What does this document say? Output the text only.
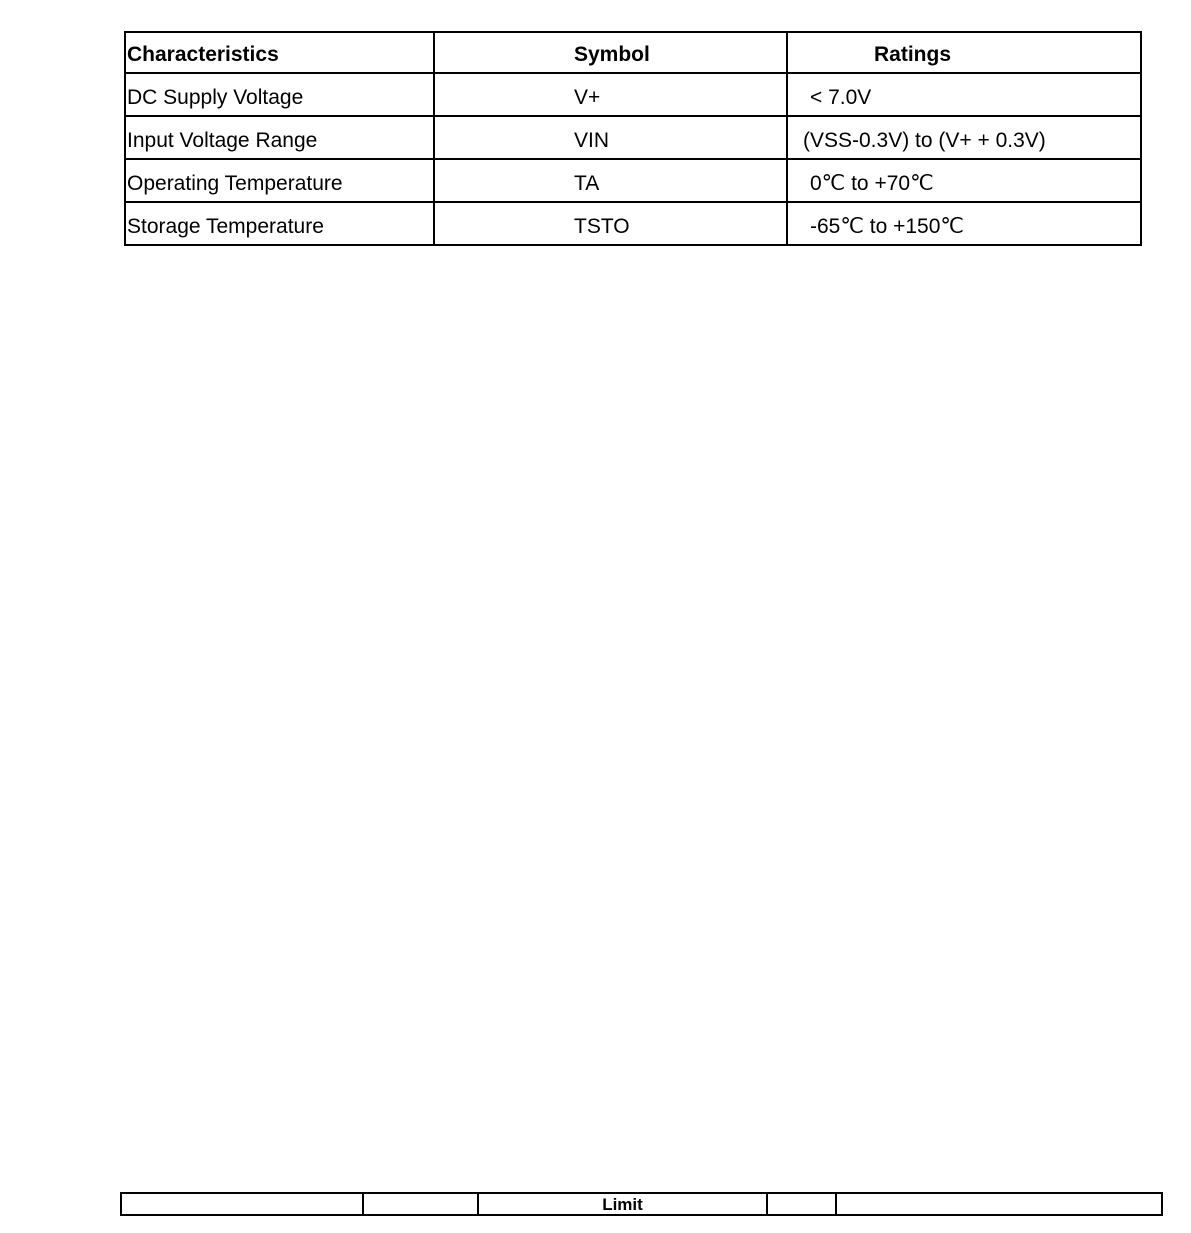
Characteristics	Symbol	Ratings
DC Supply Voltage	V+	< 7.0V
Input Voltage Range	VIN	(VSS-0.3V) to (V+ + 0.3V)
Operating Temperature	TA	0℃ to +70℃
Storage Temperature	TSTO	-65℃ to +150℃
		Limit		
